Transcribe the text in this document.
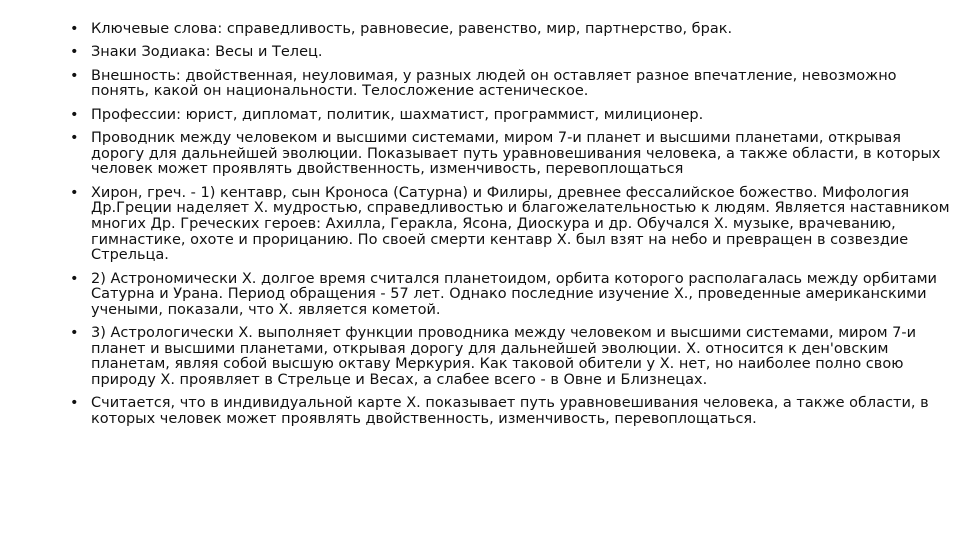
• Ключевые слова: справедливость, равновесие, равенство, мир, партнерство, брак.
• Знаки Зодиака: Весы и Телец.
• Внешность: двойственная, неуловимая, у разных людей он оставляет разное впечатление, невозможно понять, какой он национальности. Телосложение астеническое.
• Профессии: юрист, дипломат, политик, шахматист, программист, милиционер.
• Проводник между человеком и высшими системами, миром 7-и планет и высшими планетами, открывая дорогу для дальнейшей эволюции. Показывает путь уравновешивания человека, а также области, в которых человек может проявлять двойственность, изменчивость, перевоплощаться
• Хирон, греч. - 1) кентавр, сын Кроноса (Сатурна) и Филиры, древнее фессалийское божество. Мифология Др.Греции наделяет Х. мудростью, справедливостью и благожелательностью к людям. Является наставником многих Др. Греческих героев: Ахилла, Геракла, Ясона, Диоскура и др. Обучался Х. музыке, врачеванию, гимнастике, охоте и прорицанию. По своей смерти кентавр Х. был взят на небо и превращен в созвездие Стрельца.
• 2) Астрономически Х. долгое время считался планетоидом, орбита которого располагалась между орбитами Сатурна и Урана. Период обращения - 57 лет. Однако последние изучение Х., проведенные американскими учеными, показали, что Х. является кометой.
• 3) Астрологически Х. выполняет функции проводника между человеком и высшими системами, миром 7-и планет и высшими планетами, открывая дорогу для дальнейшей эволюции. Х. относится к ден'овским планетам, являя собой высшую октаву Меркурия. Как таковой обители у Х. нет, но наиболее полно свою природу Х. проявляет в Стрельце и Весах, а слабее всего - в Овне и Близнецах.
• Считается, что в индивидуальной карте Х. показывает путь уравновешивания человека, а также области, в которых человек может проявлять двойственность, изменчивость, перевоплощаться.
